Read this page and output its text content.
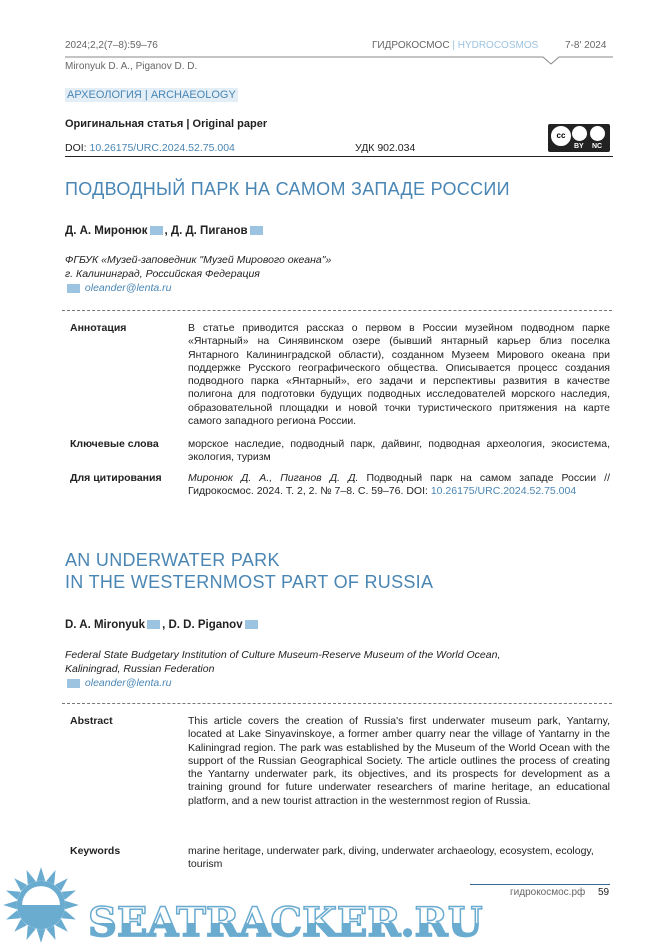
2024;2,2(7–8):59–76
Mironyuk D. A., Piganov D. D.
ГИДРОКОСМОС | HYDROCOSMOS	7-8' 2024
АРХЕОЛОГИЯ | ARCHAEOLOGY
Оригинальная статья | Original paper
DOI: 10.26175/URC.2024.52.75.004	УДК 902.034
cc
BY NC
ПОДВОДНЫЙ ПАРК НА САМОМ ЗАПАДЕ РОССИИ
Д. А. Миронюк , Д. Д. Пиганов
ФГБУК «Музей-заповедник "Музей Мирового океана"»
г. Калининград, Российская Федерация
oleander@lenta.ru
Аннотация	В статье приводится рассказ о первом в России музейном подводном парке «Янтарный» на Синявинском озере (бывший янтарный карьер близ поселка Янтарного Калининградской области), созданном Музеем Мирового океана при поддержке Русского географического общества. Описывается процесс создания подводного парка «Янтарный», его задачи и перспективы развития в качестве полигона для подготовки будущих подводных исследователей морского наследия, образовательной площадки и новой точки туристического притяжения на карте самого западного региона России.
Ключевые слова	морское наследие, подводный парк, дайвинг, подводная археология, экосистема, экология, туризм
Для цитирования	Миронюк Д. А., Пиганов Д. Д. Подводный парк на самом западе России // Гидрокосмос. 2024. Т. 2, 2. № 7–8. С. 59–76. DOI: 10.26175/URC.2024.52.75.004
AN UNDERWATER PARK
IN THE WESTERNMOST PART OF RUSSIA
D. A. Mironyuk , D. D. Piganov
Federal State Budgetary Institution of Culture Museum-Reserve Museum of the World Ocean,
Kaliningrad, Russian Federation
oleander@lenta.ru
Abstract	This article covers the creation of Russia's first underwater museum park, Yantarny, located at Lake Sinyavinskoye, a former amber quarry near the village of Yantarny in the Kaliningrad region. The park was established by the Museum of the World Ocean with the support of the Russian Geographical Society. The article outlines the process of creating the Yantarny underwater park, its objectives, and its prospects for development as a training ground for future underwater researchers of marine heritage, an educational platform, and a new tourist attraction in the westernmost region of Russia.
Keywords	marine heritage, underwater park, diving, underwater archaeology, ecosystem, ecology, tourism
гидрокосмос.рф 59
SEATRACKER.RU
